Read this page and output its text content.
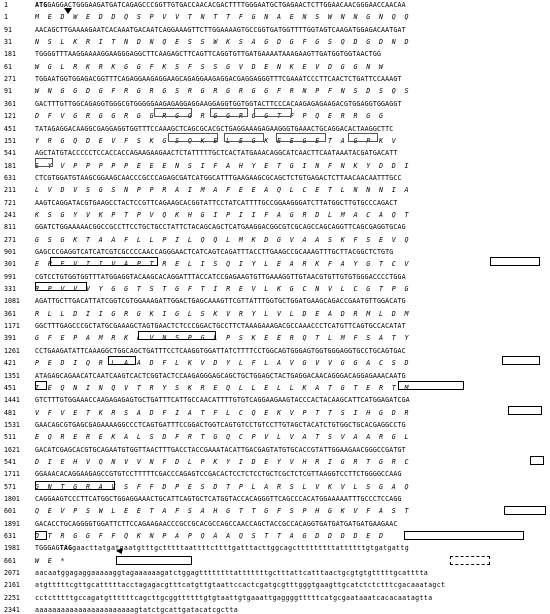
1	ATGGAGGACTGGGAAGATGATCAGAGCCCGGTTGTGACCAACACGACTTTTGGGAATGCTGAGAACTCTTGGAACAACGGGAACCAACAA
1	M E D W E D D Q S P V V T N T T F G N A E N S W N N G N Q Q
91	AACAGCTTGAAAAGAATCACAAATGACAATCAGGAAAGTTCTTGGAAAAGTGCCGGTGATGGTTTTGGTAGTCAAGATGGAGACAATGAT
31	N S L K R I T N D N Q E S S W K S A G D G F G S Q D G D N D
181	TGGGGTTTAAGGAAAAGGAAGGGAGGCTTCAAGAGCTTCAGTTCAGGTGTTGATGAAAATAAAGAAGTTGATGGTGGTAACTGG
61	W G L R K R K G G F K S F S S G V D E N K E V D G G N W
271	TGGAATGGTGGAGACGGTTTCAGAGGAAGAGGAAGCAGAGGAAGAGGACGAGGAGGGTTTCGAAATCCCTTCAACTCTGATTCCAAAGT
91	W N G G D G F R G R G S R G R G R G G F R N P F N S D S Q S
361	GACTTTGTTGGCAGAGGTGGGCGTGGGGGAAGAGAGGAGGAAGGAGGTGGTGGTACTTCCCACAAGAGAGAAGACGTGGAGGTGGAGGT
121	D F V G R G G R G G R G G R G G R G G T F P Q E R R G G
451	TATAGAGGACAAGGCGAGGAGGTGGTTTCCAAAGCTCAGCGCACGCTGAGGAAAGAGAAGGGTGAAACTGCAGGACACTAAGGCTTC
151	Y R G Q D E V F S K G S Q K E L E G K E E G E T A G P K V
541	AGCTATGTACCCCCTCCACCACCAGAAGAAGAACTCTATTTTTGCTCACTATGAAACAGGCATCAACTTCAATAAATACGATGACATT
181	S Y V P P P P P E E E N S I F A H Y E T G I N F N K Y D D I
631	CTCGTGGATGTAAGCGGAAGCAACCCGCCCAGAGCGATCATGGCATTTGAAGAAGCGCAGCTCTGTGAGACTCTTAACAACAATTTGCC
211	L V D V S G S N P P R A I M A F E E A Q L C E T L N N N I A
721	AAGTCAGGATACGTGAAGCCTACTCCGTTCAGAAGCACGGTATTCCTATCATTTTGCCGGAAGGGATCTTATGGCTTGTGCCCAGACT
241	K S G Y V K P T P V Q K H G I P I I F A G R D L M A C A Q T
811	GGATCTGGAAAAACGGCCGCCTTCCTGCTGCCTATTCTACAGCAGCTCATGAAGGACGGCGTCGCAGCCAGCAGGTTCAGCGAGGTGCAG
271	G S G K T A A F L L P I L Q Q L M K D G V A A S K F S E V Q
901	GAGCCCGAGGTCATCATCGTCGCCCCAACCAGGGAACTCATCAGTCAGATTTACCTTGAAGCCGCAAAGTTTGCTTACGGCTCTGTG
301	E P E V I I V A P T R E L I S Q I Y L E A R K F A Y G T C V
991	CGTCCTGTGGTGGTTTATGGAGGTACAAGCACAGGATTTACCATCCGAGAAGTGTTGAAAGGTTGTAACGTGTTGTGTGGGACCCCTGGA
331	R P V V V Y G G T S T G F T I R E V L K G C N V L C G T P G
1081	AGATTGCTTGACATTATCGGTCGTGGAAAGATTGGACTGAGCAAAGTTCGTTATTTGGTGCTGGATGAAGCAGACCGAATGTTGGACATG
361	R L L D I I G R G K I G L S K V R Y L V L D E A D R M L D M
1171	GGCTTTGAGCCCGCTATGCGAAAGCTAGTGAACTCTCCCGGACTGCCTTCTAAAGAAAGACGCCAAACCCTCATGTTCAGTGCCACATAT
391	G F E P A M R K L V N S P G L P S K E E R Q T L M F S A T Y
1261	CCTGAAGATATTCAAAGGCTGGCAGCTGATTTCCTCAAGGTGGATTATCTTTTCCTGGCAGTGGGAGTGGTGGGAGGTGCCTGCAGTGAC
421	P E D I Q R L A A D F L K V D Y L F L A V G V V G G A C S D
1351	ATAGAGCAGAACATCAATCAAGTCACTCGGTACTCCAAGAGGGAGCAGCTGCTGGAGCTACTGAGGACAACAGGGACAGGAGAAACAATG
451	I E Q N I N Q V T R Y S K R E Q L L E L L K A T G T E R T M
1441	GTCTTTGTGGAAACCAAGAGAGAGTGCTGATTTCATTGCCAACATTTTGTGTCAGGAAGAAGTACCCACTACAAGCATTCATGGAGATCGA
481	V F V E T K R S A D F I A T F L C Q E K V P T T S I H G D R
1531	GAACAGCGTGAGCGAGAAAAGGCCCTCAGTGATTTCCGGACTGGTCAGTGTCCTGTCCTTGTAGCTACATCTGTGGCTGCACGAGGCCTG
511	E Q R E R E K A L S D F R T G Q C P V L V A T S V A A R G L
1621	GACATCGAGCACGTGCAGAATGTGGTTAACTTTGACCTACCGAAATACATTGACGAGTATGTGCACCGTATTGGAAGAACGGGCCGATGT
541	D I E H V Q N V V N F D L P K Y I D E Y V H R I G R T G R C
1711	GGAAACACAGGAAGAGCCGTGTCCTTTTTCGACCCAGAGTCCGACACTCCTCTCCTGCTCGCTCTCGTTAAGGTCCTTCTGGGGCCAAG
571	G N T G R A V S F F D P E S D T P L A R S L V K V L S G A Q
1801	CAGGAAGTCCCTTCATGGCTGGAGGAAACTGCATTCAGTGCTCATGGTACCACAGGGTTCAGCCCACATGGAAAAATTTGCCCTCCAGG
601	Q E V P S W L E E T A F S A H G T T G F S P H G K V F A S T
1891	GACACCTGCAGGGGTGGATTCTTCCAGAAGAACCCGCCGCACGCCAGCCAACCAGCTACCGCCACAGGTGATGATGATGATGAAGAAC
631	D T R G G F F Q K N P A P Q A A Q S T T A G D D D D E D
1981	TGGGAGTAGgaacttatgatgaatgtttgctttttaattttcttttgatttacttggcagctttttttttattttttgtgatgattg
661	W E *
2071	aacaatggagaggaaaaaggtagaaaaaagatctggagttttttttatttttttgctttattcatttaactgcgtgtgtttttgcatttta
2161	atgtttttcgttgcatttttacctagagacgtttcatgttgtaattccactcgatgcgtttgggtgaagttgcatctctctttcgacaaatagct
2251	cctctttttgccagatgttttttcagcttgcggttttttgtgtaattgtgaaattgaggggtttttcatgcgaataaatcacacaatagtta
2341	aaaaaaaaaaaaaaaaaaaaaaagtatctgcattgatacatcgctta
